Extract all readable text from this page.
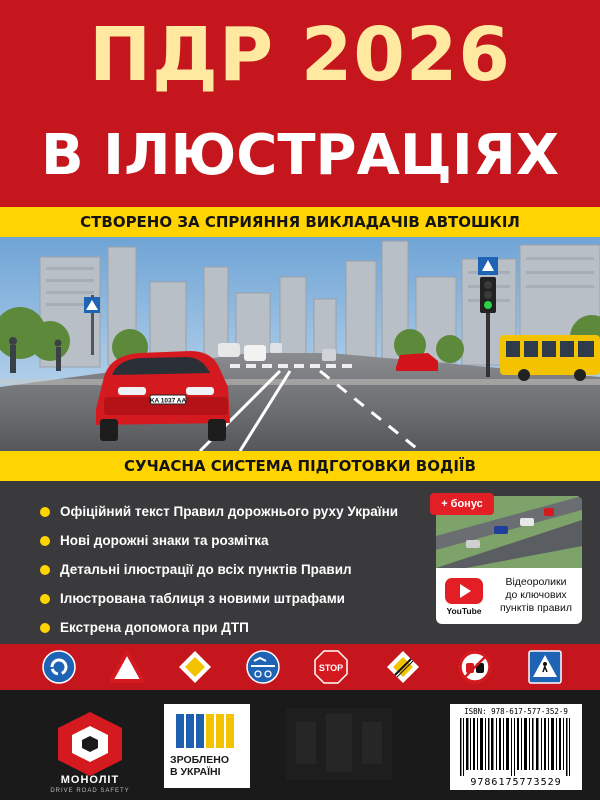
ПДР 2026
В ІЛЮСТРАЦІЯХ
СТВОРЕНО ЗА СПРИЯННЯ ВИКЛАДАЧІВ АВТОШКІЛ
KA 1037 AA
СУЧАСНА СИСТЕМА ПІДГОТОВКИ ВОДІЇВ
Офіційний текст Правил дорожнього руху України
Нові дорожні знаки та розмітка
Детальні ілюстрації до всіх пунктів Правил
Ілюстрована таблиця з новими штрафами
Екстрена допомога при ДТП
YouTube
Відеоролики
до ключових
пунктів правил
+ бонус
STOP
МОНОЛІТ
DRIVE ROAD SAFETY
ЗРОБЛЕНО
В УКРАЇНІ
ISBN: 978-617-577-352-9
9786175773529
